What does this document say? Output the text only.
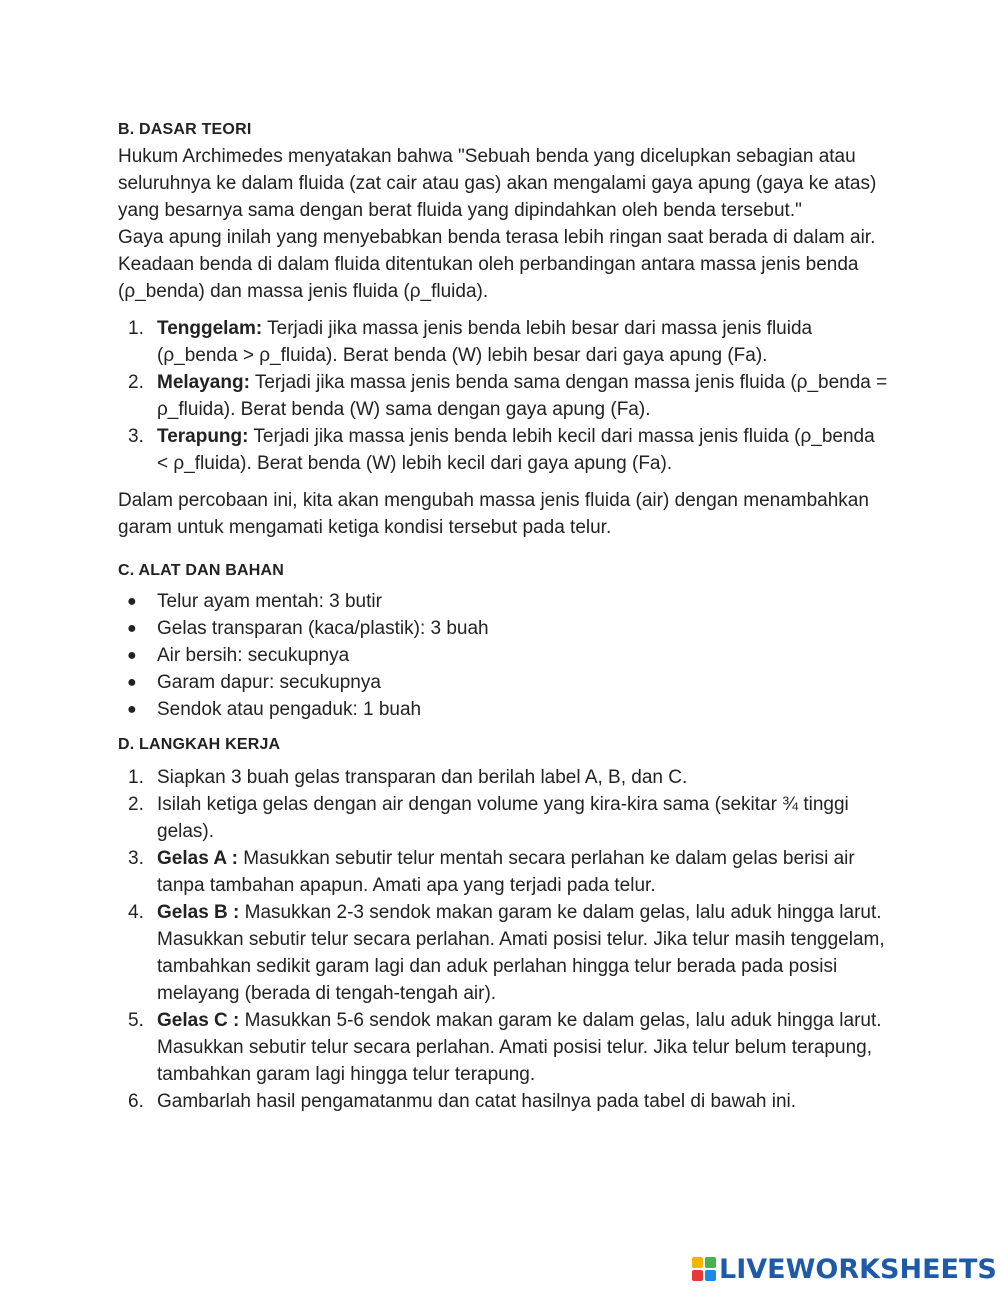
B. DASAR TEORI

Hukum Archimedes menyatakan bahwa "Sebuah benda yang dicelupkan sebagian atau seluruhnya ke dalam fluida (zat cair atau gas) akan mengalami gaya apung (gaya ke atas) yang besarnya sama dengan berat fluida yang dipindahkan oleh benda tersebut."

Gaya apung inilah yang menyebabkan benda terasa lebih ringan saat berada di dalam air. Keadaan benda di dalam fluida ditentukan oleh perbandingan antara massa jenis benda (ρ_benda) dan massa jenis fluida (ρ_fluida).

1. Tenggelam: Terjadi jika massa jenis benda lebih besar dari massa jenis fluida (ρ_benda > ρ_fluida). Berat benda (W) lebih besar dari gaya apung (Fa).
2. Melayang: Terjadi jika massa jenis benda sama dengan massa jenis fluida (ρ_benda = ρ_fluida). Berat benda (W) sama dengan gaya apung (Fa).
3. Terapung: Terjadi jika massa jenis benda lebih kecil dari massa jenis fluida (ρ_benda < ρ_fluida). Berat benda (W) lebih kecil dari gaya apung (Fa).

Dalam percobaan ini, kita akan mengubah massa jenis fluida (air) dengan menambahkan garam untuk mengamati ketiga kondisi tersebut pada telur.

C. ALAT DAN BAHAN
● Telur ayam mentah: 3 butir
● Gelas transparan (kaca/plastik): 3 buah
● Air bersih: secukupnya
● Garam dapur: secukupnya
● Sendok atau pengaduk: 1 buah
D. LANGKAH KERJA
1. Siapkan 3 buah gelas transparan dan berilah label A, B, dan C.
2. Isilah ketiga gelas dengan air dengan volume yang kira-kira sama (sekitar ¾ tinggi gelas).
3. Gelas A : Masukkan sebutir telur mentah secara perlahan ke dalam gelas berisi air tanpa tambahan apapun. Amati apa yang terjadi pada telur.
4. Gelas B : Masukkan 2-3 sendok makan garam ke dalam gelas, lalu aduk hingga larut. Masukkan sebutir telur secara perlahan. Amati posisi telur. Jika telur masih tenggelam, tambahkan sedikit garam lagi dan aduk perlahan hingga telur berada pada posisi melayang (berada di tengah-tengah air).
5. Gelas C : Masukkan 5-6 sendok makan garam ke dalam gelas, lalu aduk hingga larut. Masukkan sebutir telur secara perlahan. Amati posisi telur. Jika telur belum terapung, tambahkan garam lagi hingga telur terapung.
6. Gambarlah hasil pengamatanmu dan catat hasilnya pada tabel di bawah ini.
LIVEWORKSHEETS
